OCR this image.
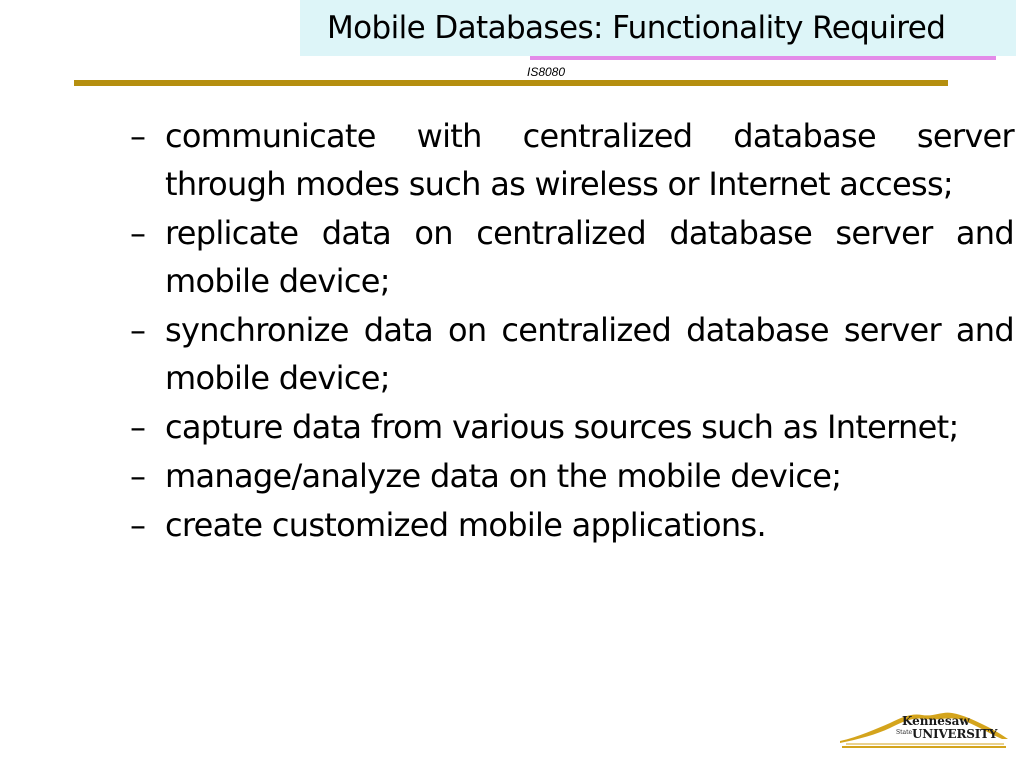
Mobile Databases: Functionality Required
IS8080
– communicate with centralized database server through modes such as wireless or Internet access;
– replicate data on centralized database server and mobile device;
– synchronize data on centralized database server and mobile device;
– capture data from various sources such as Internet;
– manage/analyze data on the mobile device;
– create customized mobile applications.
Kennesaw
State UNIVERSITY
